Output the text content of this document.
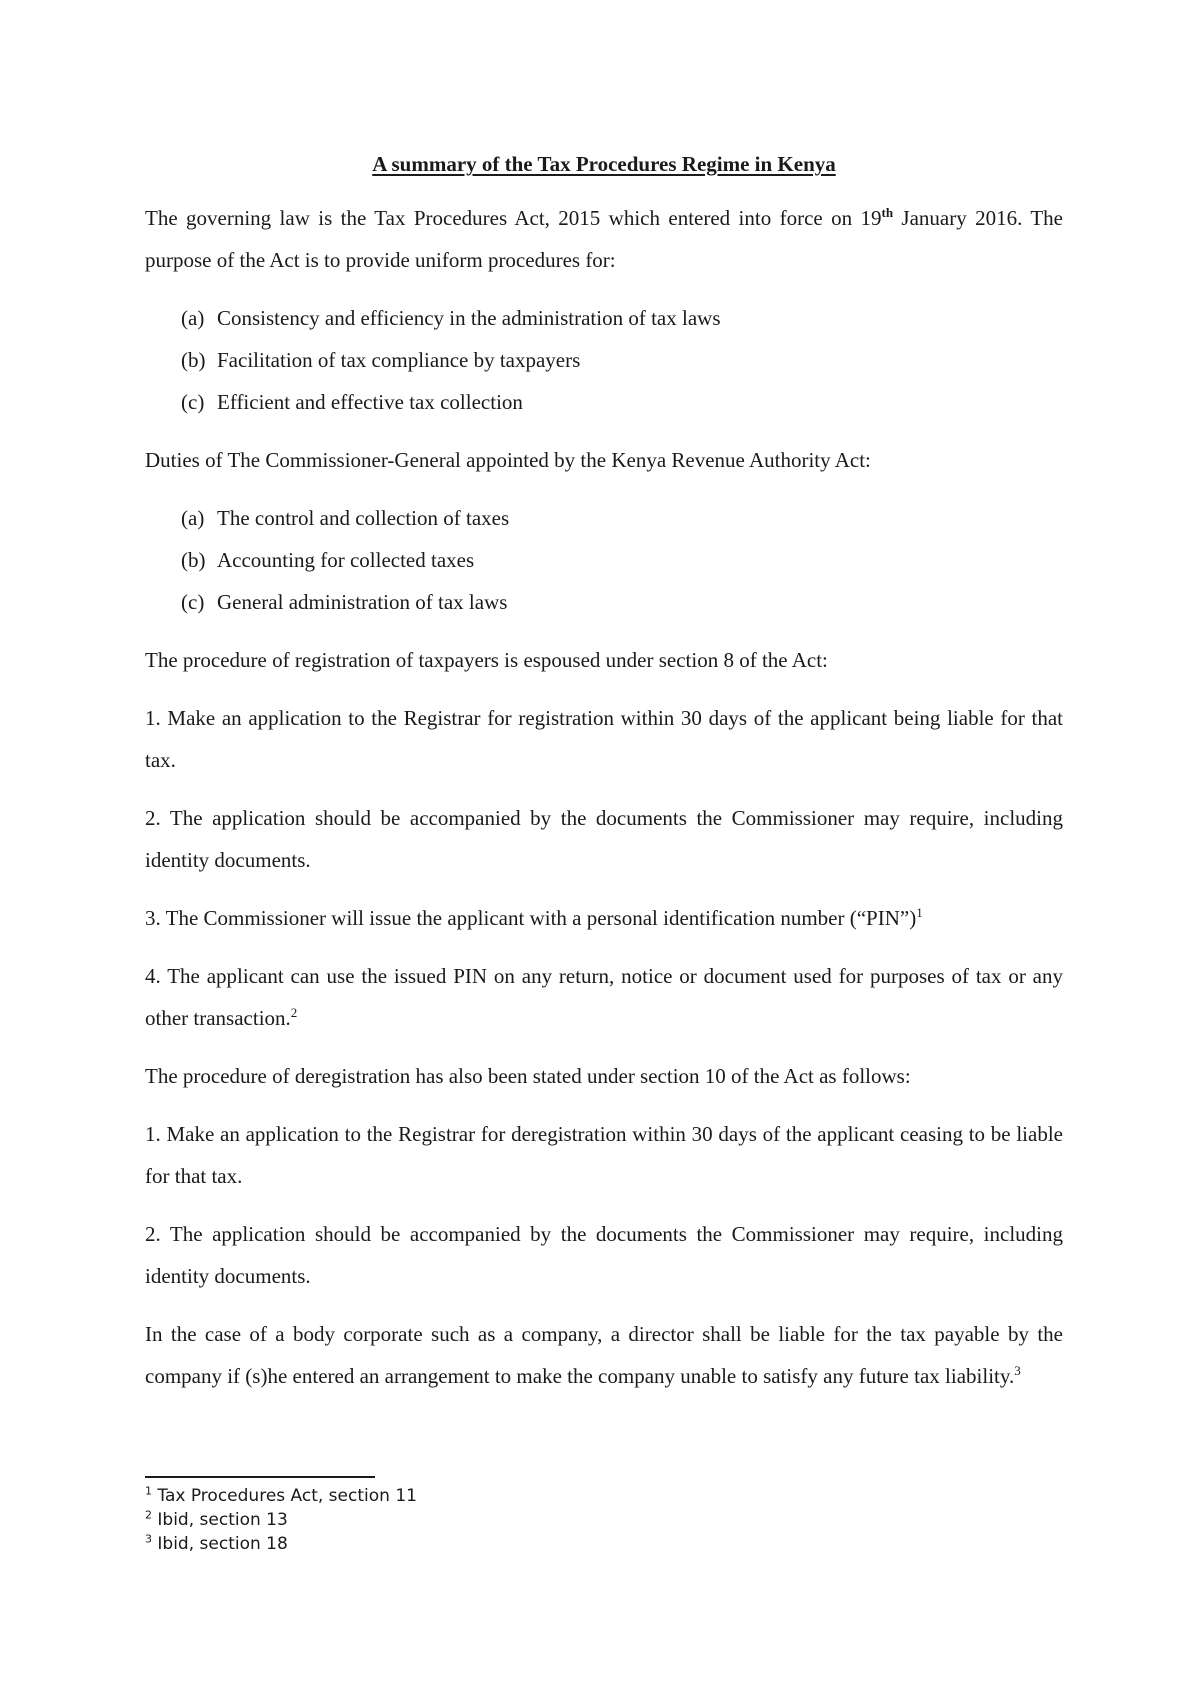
A summary of the Tax Procedures Regime in Kenya

The governing law is the Tax Procedures Act, 2015 which entered into force on 19th January 2016. The purpose of the Act is to provide uniform procedures for:

(a) Consistency and efficiency in the administration of tax laws
(b) Facilitation of tax compliance by taxpayers
(c) Efficient and effective tax collection

Duties of The Commissioner-General appointed by the Kenya Revenue Authority Act:

(a) The control and collection of taxes
(b) Accounting for collected taxes
(c) General administration of tax laws

The procedure of registration of taxpayers is espoused under section 8 of the Act:

1. Make an application to the Registrar for registration within 30 days of the applicant being liable for that tax.

2. The application should be accompanied by the documents the Commissioner may require, including identity documents.

3. The Commissioner will issue the applicant with a personal identification number (“PIN”)$^1$

4. The applicant can use the issued PIN on any return, notice or document used for purposes of tax or any other transaction.$^2$

The procedure of deregistration has also been stated under section 10 of the Act as follows:

1. Make an application to the Registrar for deregistration within 30 days of the applicant ceasing to be liable for that tax.

2. The application should be accompanied by the documents the Commissioner may require, including identity documents.

In the case of a body corporate such as a company, a director shall be liable for the tax payable by the company if (s)he entered an arrangement to make the company unable to satisfy any future tax liability.$^3$

$^1$ Tax Procedures Act, section 11
$^2$ Ibid, section 13
$^3$ Ibid, section 18
